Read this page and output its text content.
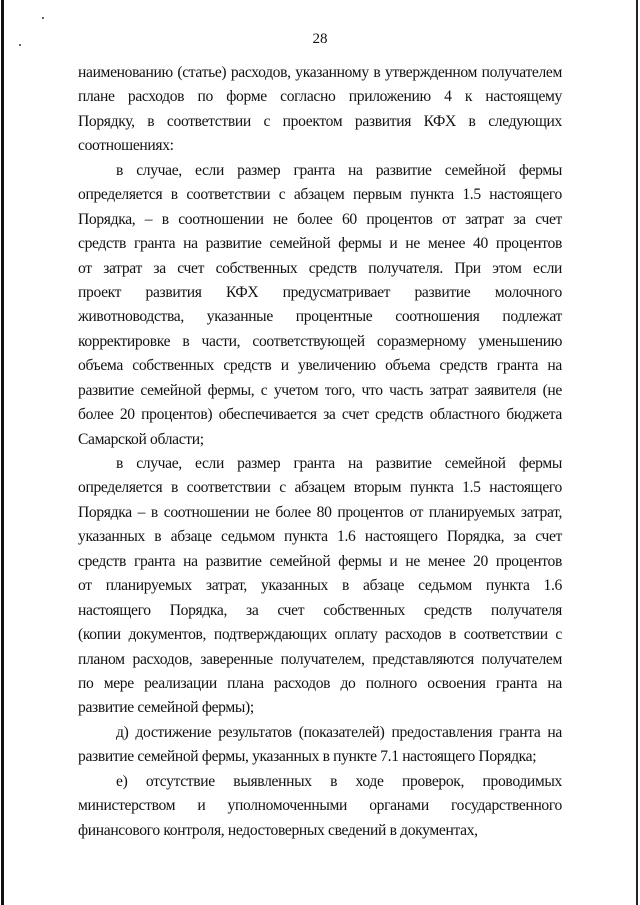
28
наименованию (статье) расходов, указанному в утвержденном получателем
плане расходов по форме согласно приложению 4 к настоящему
Порядку, в соответствии с проектом развития КФХ в следующих
соотношениях:
в случае, если размер гранта на развитие семейной фермы
определяется в соответствии с абзацем первым пункта 1.5 настоящего
Порядка, – в соотношении не более 60 процентов от затрат за счет
средств гранта на развитие семейной фермы и не менее 40 процентов
от затрат за счет собственных средств получателя. При этом если
проект развития КФХ предусматривает развитие молочного
животноводства, указанные процентные соотношения подлежат
корректировке в части, соответствующей соразмерному уменьшению
объема собственных средств и увеличению объема средств гранта на
развитие семейной фермы, с учетом того, что часть затрат заявителя (не
более 20 процентов) обеспечивается за счет средств областного бюджета
Самарской области;
в случае, если размер гранта на развитие семейной фермы
определяется в соответствии с абзацем вторым пункта 1.5 настоящего
Порядка – в соотношении не более 80 процентов от планируемых затрат,
указанных в абзаце седьмом пункта 1.6 настоящего Порядка, за счет
средств гранта на развитие семейной фермы и не менее 20 процентов
от планируемых затрат, указанных в абзаце седьмом пункта 1.6
настоящего Порядка, за счет собственных средств получателя
(копии документов, подтверждающих оплату расходов в соответствии с
планом расходов, заверенные получателем, представляются получателем
по мере реализации плана расходов до полного освоения гранта на
развитие семейной фермы);
д) достижение результатов (показателей) предоставления гранта на
развитие семейной фермы, указанных в пункте 7.1 настоящего Порядка;
е) отсутствие выявленных в ходе проверок, проводимых
министерством и уполномоченными органами государственного
финансового контроля, недостоверных сведений в документах,
